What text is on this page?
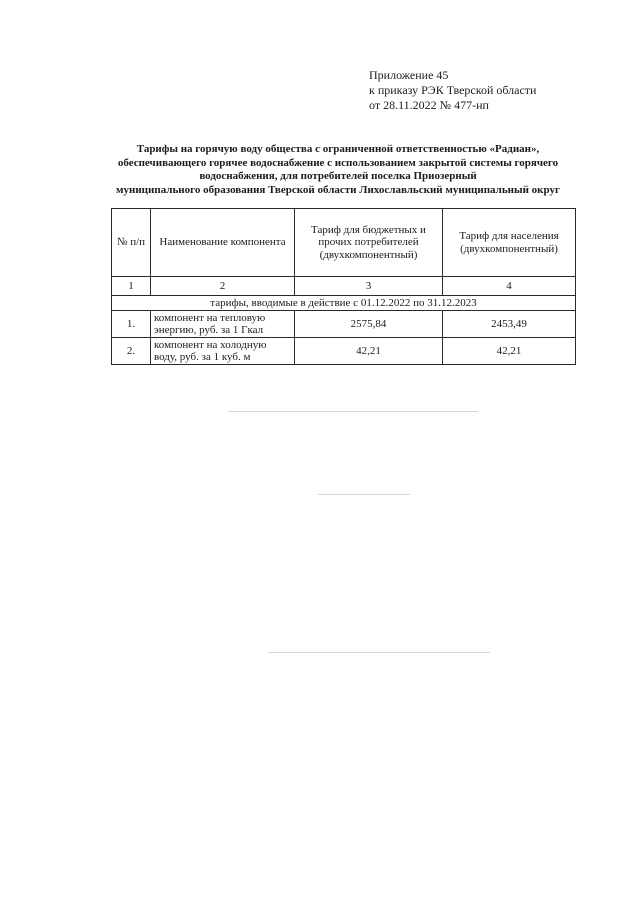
Приложение 45
к приказу РЭК Тверской области
от 28.11.2022 № 477-нп
Тарифы на горячую воду общества с ограниченной ответственностью «Радиан»,
обеспечивающего горячее водоснабжение с использованием закрытой системы горячего
водоснабжения, для потребителей поселка Приозерный
муниципального образования Тверской области Лихославльский муниципальный округ
№ п/п	Наименование компонента	Тариф для бюджетных и прочих потребителей (двухкомпонентный)	Тариф для населения (двухкомпонентный)
1	2	3	4
тарифы, вводимые в действие с 01.12.2022 по 31.12.2023			
1.	компонент на тепловую энергию, руб. за 1 Гкал	2575,84	2453,49
2.	компонент на холодную воду, руб. за 1 куб. м	42,21	42,21
